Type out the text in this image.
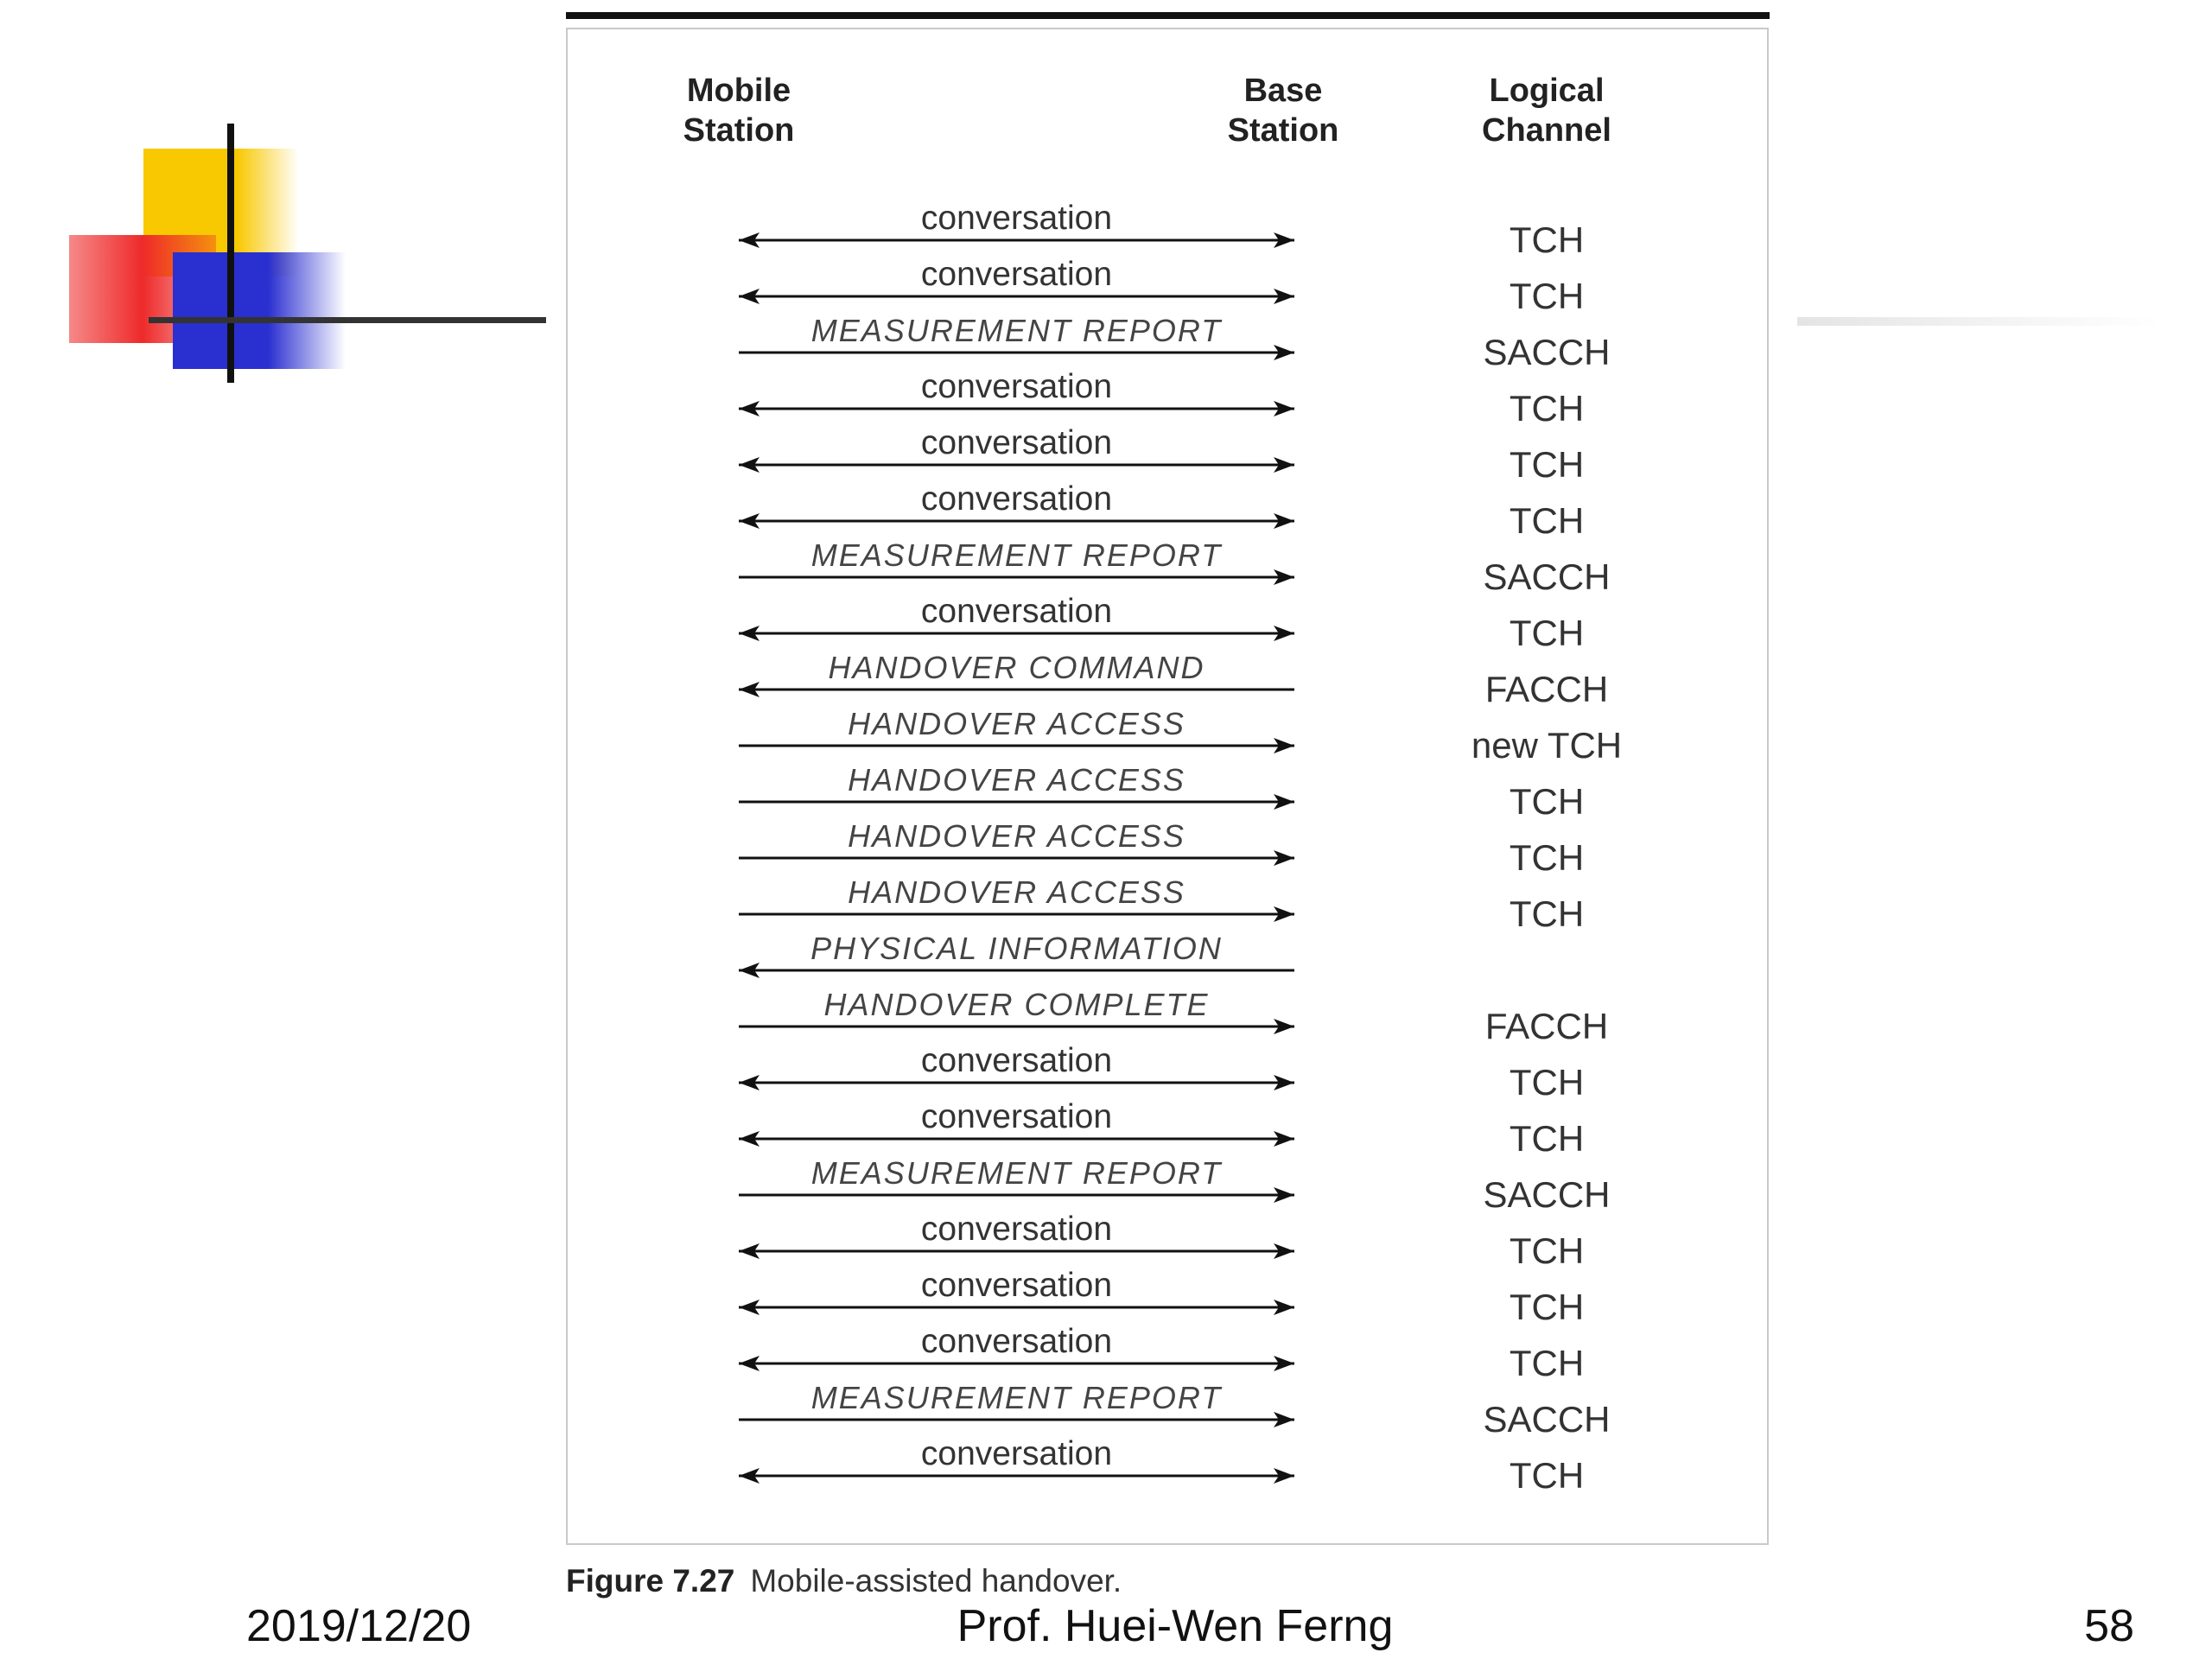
Mobile
Station
Base
Station
Logical
Channel
conversation
conversation
MEASUREMENT REPORT
conversation
conversation
conversation
MEASUREMENT REPORT
conversation
HANDOVER COMMAND
HANDOVER ACCESS
HANDOVER ACCESS
HANDOVER ACCESS
HANDOVER ACCESS
PHYSICAL INFORMATION
HANDOVER COMPLETE
conversation
conversation
MEASUREMENT REPORT
conversation
conversation
conversation
MEASUREMENT REPORT
conversation
TCH
TCH
SACCH
TCH
TCH
TCH
SACCH
TCH
FACCH
new TCH
TCH
TCH
TCH
FACCH
TCH
TCH
SACCH
TCH
TCH
TCH
SACCH
TCH
Figure 7.27 Mobile-assisted handover.
2019/12/20	Prof. Huei-Wen Ferng	58
